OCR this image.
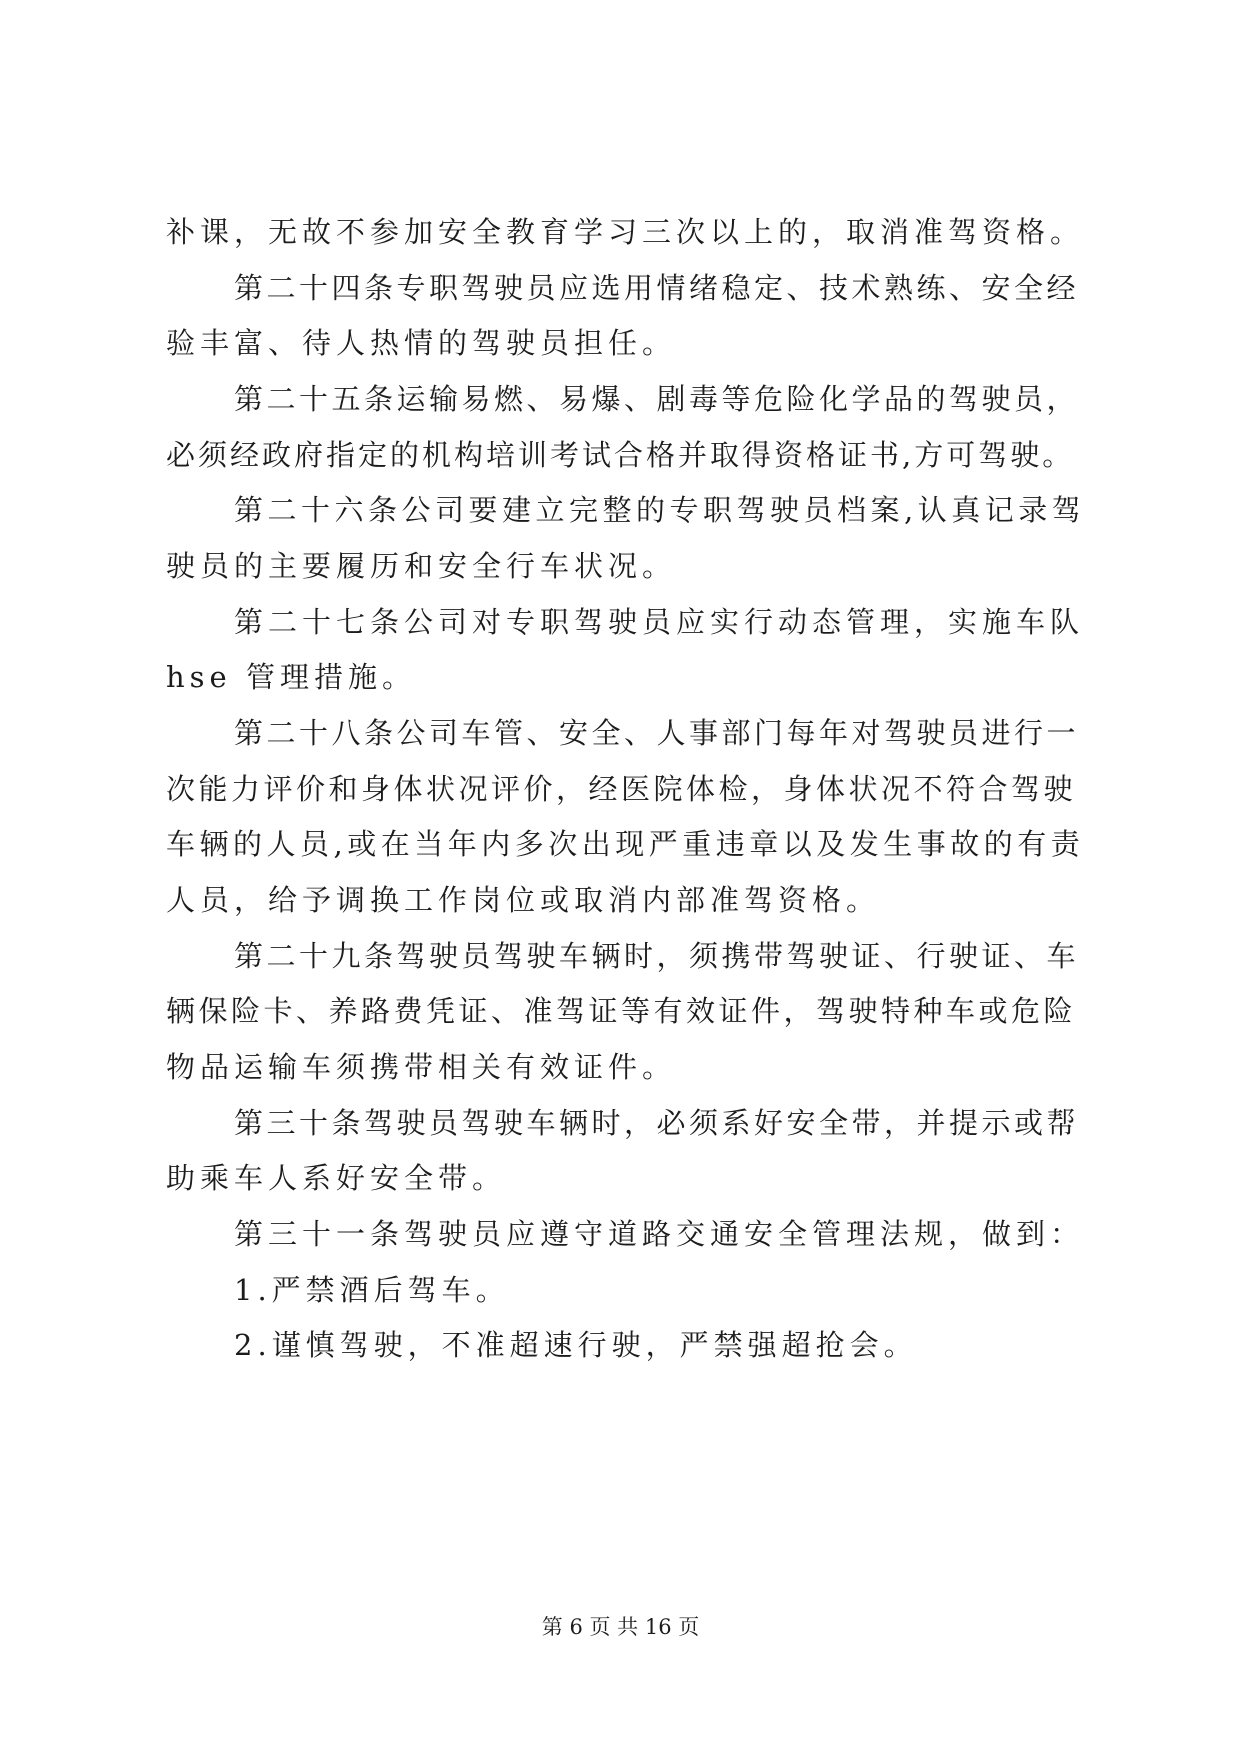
补课，无故不参加安全教育学习三次以上的，取消准驾资格。
第二十四条专职驾驶员应选用情绪稳定、技术熟练、安全经
验丰富、待人热情的驾驶员担任。
第二十五条运输易燃、易爆、剧毒等危险化学品的驾驶员，
必须经政府指定的机构培训考试合格并取得资格证书,方可驾驶。
第二十六条公司要建立完整的专职驾驶员档案,认真记录驾
驶员的主要履历和安全行车状况。
第二十七条公司对专职驾驶员应实行动态管理，实施车队
hse 管理措施。
第二十八条公司车管、安全、人事部门每年对驾驶员进行一
次能力评价和身体状况评价，经医院体检，身体状况不符合驾驶
车辆的人员,或在当年内多次出现严重违章以及发生事故的有责
人员，给予调换工作岗位或取消内部准驾资格。
第二十九条驾驶员驾驶车辆时，须携带驾驶证、行驶证、车
辆保险卡、养路费凭证、准驾证等有效证件，驾驶特种车或危险
物品运输车须携带相关有效证件。
第三十条驾驶员驾驶车辆时，必须系好安全带，并提示或帮
助乘车人系好安全带。
第三十一条驾驶员应遵守道路交通安全管理法规，做到：
1.严禁酒后驾车。
2.谨慎驾驶，不准超速行驶，严禁强超抢会。
第 6 页 共 16 页
